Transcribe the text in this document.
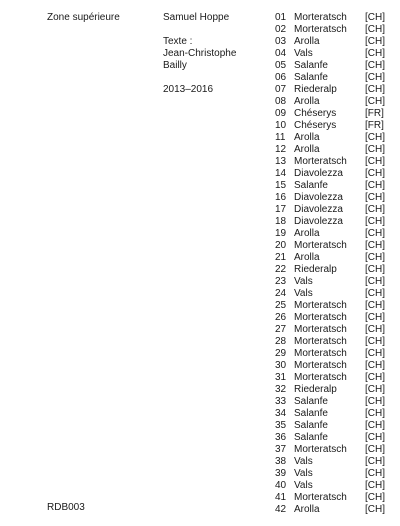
Zone supérieure	Samuel Hoppe
Texte :
Jean-Christophe
Bailly
2013–2016
01 Morteratsch [CH]
02 Morteratsch [CH]
03 Arolla	[CH]
04 Vals	[CH]
05 Salanfe	[CH]
06 Salanfe	[CH]
07 Riederalp	[CH]
08 Arolla	[CH]
09 Chéserys	[FR]
10 Chéserys	[FR]
11 Arolla	[CH]
12 Arolla	[CH]
13 Morteratsch [CH]
14 Diavolezza [CH]
15 Salanfe	[CH]
16 Diavolezza [CH]
17 Diavolezza [CH]
18 Diavolezza [CH]
19 Arolla	[CH]
20 Morteratsch [CH]
21 Arolla	[CH]
22 Riederalp	[CH]
23 Vals	[CH]
24 Vals	[CH]
25 Morteratsch [CH]
26 Morteratsch [CH]
27 Morteratsch [CH]
28 Morteratsch [CH]
29 Morteratsch [CH]
30 Morteratsch [CH]
31 Morteratsch [CH]
32 Riederalp	[CH]
33 Salanfe	[CH]
34 Salanfe	[CH]
35 Salanfe	[CH]
36 Salanfe	[CH]
37 Morteratsch [CH]
38 Vals	[CH]
39 Vals	[CH]
40 Vals	[CH]
41 Morteratsch [CH]
42 Arolla	[CH]
RDB003
